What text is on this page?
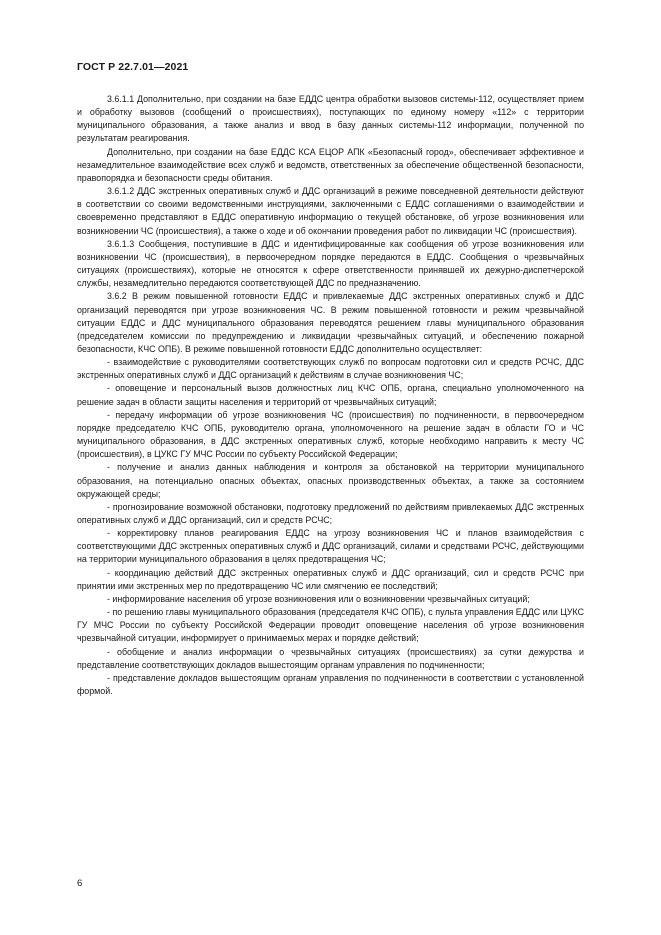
ГОСТ Р 22.7.01—2021

3.6.1.1 Дополнительно, при создании на базе ЕДДС центра обработки вызовов системы-112, осуществляет прием и обработку вызовов (сообщений о происшествиях), поступающих по единому номеру «112» с территории муниципального образования, а также анализ и ввод в базу данных системы-112 информации, полученной по результатам реагирования.

Дополнительно, при создании на базе ЕДДС КСА ЕЦОР АПК «Безопасный город», обеспечивает эффективное и незамедлительное взаимодействие всех служб и ведомств, ответственных за обеспечение общественной безопасности, правопорядка и безопасности среды обитания.

3.6.1.2 ДДС экстренных оперативных служб и ДДС организаций в режиме повседневной деятельности действуют в соответствии со своими ведомственными инструкциями, заключенными с ЕДДС соглашениями о взаимодействии и своевременно представляют в ЕДДС оперативную информацию о текущей обстановке, об угрозе возникновения или возникновении ЧС (происшествия), а также о ходе и об окончании проведения работ по ликвидации ЧС (происшествия).

3.6.1.3 Сообщения, поступившие в ДДС и идентифицированные как сообщения об угрозе возникновения или возникновении ЧС (происшествия), в первоочередном порядке передаются в ЕДДС. Сообщения о чрезвычайных ситуациях (происшествиях), которые не относятся к сфере ответственности принявшей их дежурно-диспетчерской службы, незамедлительно передаются соответствующей ДДС по предназначению.

3.6.2 В режим повышенной готовности ЕДДС и привлекаемые ДДС экстренных оперативных служб и ДДС организаций переводятся при угрозе возникновения ЧС. В режим повышенной готовности и режим чрезвычайной ситуации ЕДДС и ДДС муниципального образования переводятся решением главы муниципального образования (председателем комиссии по предупреждению и ликвидации чрезвычайных ситуаций, и обеспечению пожарной безопасности, КЧС ОПБ). В режиме повышенной готовности ЕДДС дополнительно осуществляет:

- взаимодействие с руководителями соответствующих служб по вопросам подготовки сил и средств РСЧС, ДДС экстренных оперативных служб и ДДС организаций к действиям в случае возникновения ЧС;

- оповещение и персональный вызов должностных лиц КЧС ОПБ, органа, специально уполномоченного на решение задач в области защиты населения и территорий от чрезвычайных ситуаций;

- передачу информации об угрозе возникновения ЧС (происшествия) по подчиненности, в первоочередном порядке председателю КЧС ОПБ, руководителю органа, уполномоченного на решение задач в области ГО и ЧС муниципального образования, в ДДС экстренных оперативных служб, которые необходимо направить к месту ЧС (происшествия), в ЦУКС ГУ МЧС России по субъекту Российской Федерации;

- получение и анализ данных наблюдения и контроля за обстановкой на территории муниципального образования, на потенциально опасных объектах, опасных производственных объектах, а также за состоянием окружающей среды;

- прогнозирование возможной обстановки, подготовку предложений по действиям привлекаемых ДДС экстренных оперативных служб и ДДС организаций, сил и средств РСЧС;

- корректировку планов реагирования ЕДДС на угрозу возникновения ЧС и планов взаимодействия с соответствующими ДДС экстренных оперативных служб и ДДС организаций, силами и средствами РСЧС, действующими на территории муниципального образования в целях предотвращения ЧС;

- координацию действий ДДС экстренных оперативных служб и ДДС организаций, сил и средств РСЧС при принятии ими экстренных мер по предотвращению ЧС или смягчению ее последствий;

- информирование населения об угрозе возникновения или о возникновении чрезвычайных ситуаций;

- по решению главы муниципального образования (председателя КЧС ОПБ), с пульта управления ЕДДС или ЦУКС ГУ МЧС России по субъекту Российской Федерации проводит оповещение населения об угрозе возникновения чрезвычайной ситуации, информирует о принимаемых мерах и порядке действий;

- обобщение и анализ информации о чрезвычайных ситуациях (происшествиях) за сутки дежурства и представление соответствующих докладов вышестоящим органам управления по подчиненности;

- представление докладов вышестоящим органам управления по подчиненности в соответствии с установленной формой.

6
